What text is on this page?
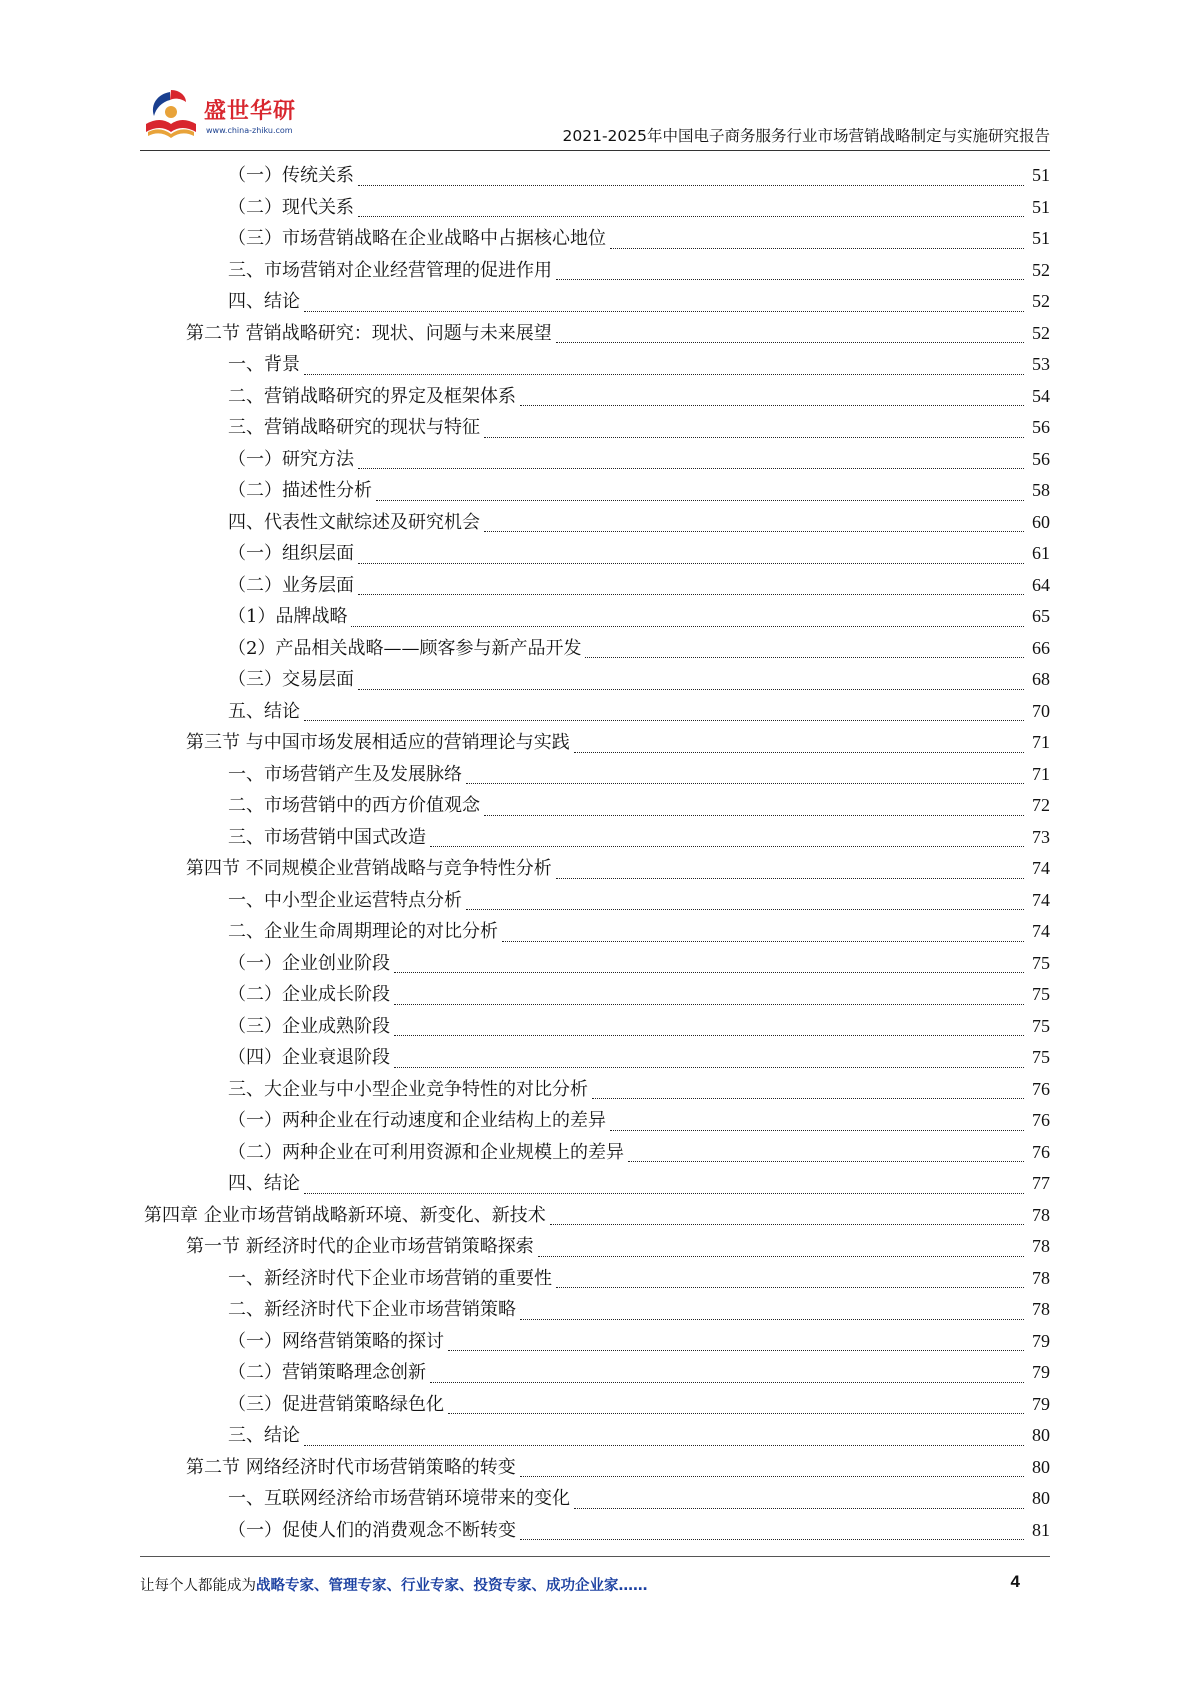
盛世华研
www.china-zhiku.com	2021-2025年中国电子商务服务行业市场营销战略制定与实施研究报告
（一）传统关系	51
（二）现代关系	51
（三）市场营销战略在企业战略中占据核心地位	51
三、市场营销对企业经营管理的促进作用	52
四、结论	52
第二节 营销战略研究：现状、问题与未来展望	52
一、背景	53
二、营销战略研究的界定及框架体系	54
三、营销战略研究的现状与特征	56
（一）研究方法	56
（二）描述性分析	58
四、代表性文献综述及研究机会	60
（一）组织层面	61
（二）业务层面	64
（1）品牌战略	65
（2）产品相关战略——顾客参与新产品开发	66
（三）交易层面	68
五、结论	70
第三节 与中国市场发展相适应的营销理论与实践	71
一、市场营销产生及发展脉络	71
二、市场营销中的西方价值观念	72
三、市场营销中国式改造	73
第四节 不同规模企业营销战略与竞争特性分析	74
一、中小型企业运营特点分析	74
二、企业生命周期理论的对比分析	74
（一）企业创业阶段	75
（二）企业成长阶段	75
（三）企业成熟阶段	75
（四）企业衰退阶段	75
三、大企业与中小型企业竞争特性的对比分析	76
（一）两种企业在行动速度和企业结构上的差异	76
（二）两种企业在可利用资源和企业规模上的差异	76
四、结论	77
第四章 企业市场营销战略新环境、新变化、新技术	78
第一节 新经济时代的企业市场营销策略探索	78
一、新经济时代下企业市场营销的重要性	78
二、新经济时代下企业市场营销策略	78
（一）网络营销策略的探讨	79
（二）营销策略理念创新	79
（三）促进营销策略绿色化	79
三、结论	80
第二节 网络经济时代市场营销策略的转变	80
一、互联网经济给市场营销环境带来的变化	80
（一）促使人们的消费观念不断转变	81
让每个人都能成为战略专家、管理专家、行业专家、投资专家、成功企业家……	4
